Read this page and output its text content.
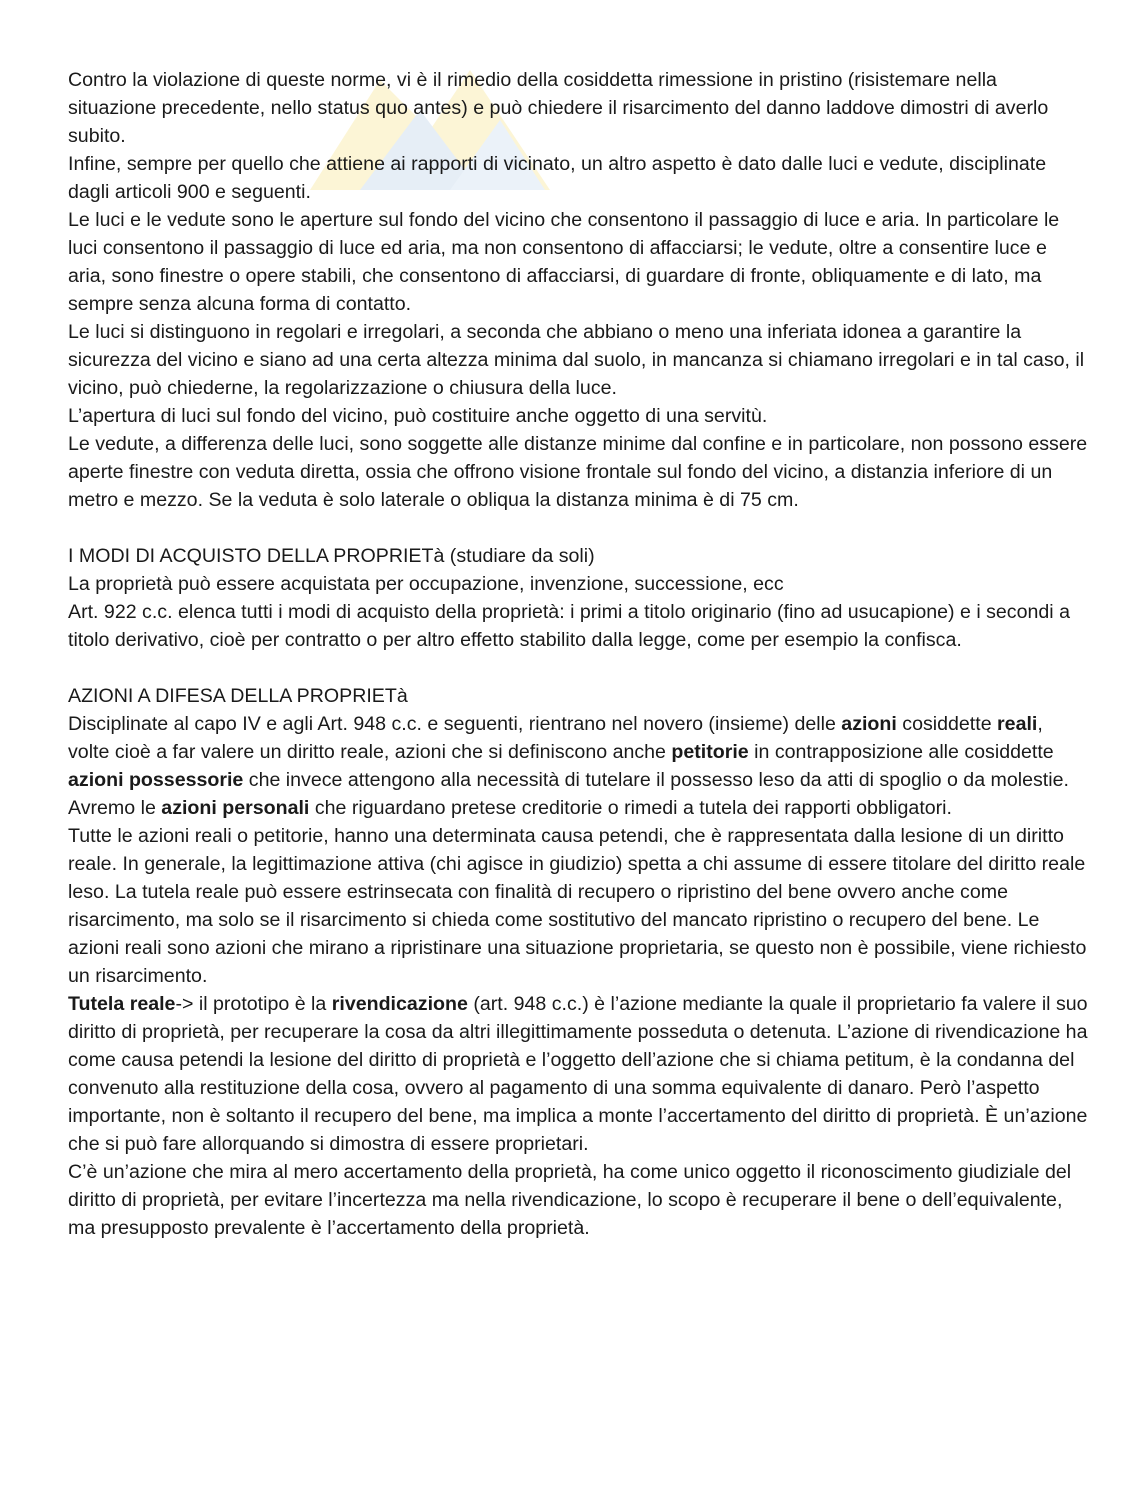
Contro la violazione di queste norme, vi è il rimedio della cosiddetta rimessione in pristino (risistemare nella situazione precedente, nello status quo antes) e può chiedere il risarcimento del danno laddove dimostri di averlo subito.

Infine, sempre per quello che attiene ai rapporti di vicinato, un altro aspetto è dato dalle luci e vedute, disciplinate dagli articoli 900 e seguenti.

Le luci e le vedute sono le aperture sul fondo del vicino che consentono il passaggio di luce e aria. In particolare le luci consentono il passaggio di luce ed aria, ma non consentono di affacciarsi; le vedute, oltre a consentire luce e aria, sono finestre o opere stabili, che consentono di affacciarsi, di guardare di fronte, obliquamente e di lato, ma sempre senza alcuna forma di contatto.

Le luci si distinguono in regolari e irregolari, a seconda che abbiano o meno una inferiata idonea a garantire la sicurezza del vicino e siano ad una certa altezza minima dal suolo, in mancanza si chiamano irregolari e in tal caso, il vicino, può chiederne, la regolarizzazione o chiusura della luce.

L’apertura di luci sul fondo del vicino, può costituire anche oggetto di una servitù.

Le vedute, a differenza delle luci, sono soggette alle distanze minime dal confine e in particolare, non possono essere aperte finestre con veduta diretta, ossia che offrono visione frontale sul fondo del vicino, a distanzia inferiore di un metro e mezzo. Se la veduta è solo laterale o obliqua la distanza minima è di 75 cm.

I MODI DI ACQUISTO DELLA PROPRIETà (studiare da soli)

La proprietà può essere acquistata per occupazione, invenzione, successione, ecc

Art. 922 c.c. elenca tutti i modi di acquisto della proprietà: i primi a titolo originario (fino ad usucapione) e i secondi a titolo derivativo, cioè per contratto o per altro effetto stabilito dalla legge, come per esempio la confisca.

AZIONI A DIFESA DELLA PROPRIETà

Disciplinate al capo IV e agli Art. 948 c.c. e seguenti, rientrano nel novero (insieme) delle azioni cosiddette reali, volte cioè a far valere un diritto reale, azioni che si definiscono anche petitorie in contrapposizione alle cosiddette azioni possessorie che invece attengono alla necessità di tutelare il possesso leso da atti di spoglio o da molestie. Avremo le azioni personali che riguardano pretese creditorie o rimedi a tutela dei rapporti obbligatori.

Tutte le azioni reali o petitorie, hanno una determinata causa petendi, che è rappresentata dalla lesione di un diritto reale. In generale, la legittimazione attiva (chi agisce in giudizio) spetta a chi assume di essere titolare del diritto reale leso. La tutela reale può essere estrinsecata con finalità di recupero o ripristino del bene ovvero anche come risarcimento, ma solo se il risarcimento si chieda come sostitutivo del mancato ripristino o recupero del bene. Le azioni reali sono azioni che mirano a ripristinare una situazione proprietaria, se questo non è possibile, viene richiesto un risarcimento.

Tutela reale-> il prototipo è la rivendicazione (art. 948 c.c.) è l’azione mediante la quale il proprietario fa valere il suo diritto di proprietà, per recuperare la cosa da altri illegittimamente posseduta o detenuta. L’azione di rivendicazione ha come causa petendi la lesione del diritto di proprietà e l’oggetto dell’azione che si chiama petitum, è la condanna del convenuto alla restituzione della cosa, ovvero al pagamento di una somma equivalente di danaro. Però l’aspetto importante, non è soltanto il recupero del bene, ma implica a monte l’accertamento del diritto di proprietà. È un’azione che si può fare allorquando si dimostra di essere proprietari.

C’è un’azione che mira al mero accertamento della proprietà, ha come unico oggetto il riconoscimento giudiziale del diritto di proprietà, per evitare l’incertezza ma nella rivendicazione, lo scopo è recuperare il bene o dell’equivalente, ma presupposto prevalente è l’accertamento della proprietà.
